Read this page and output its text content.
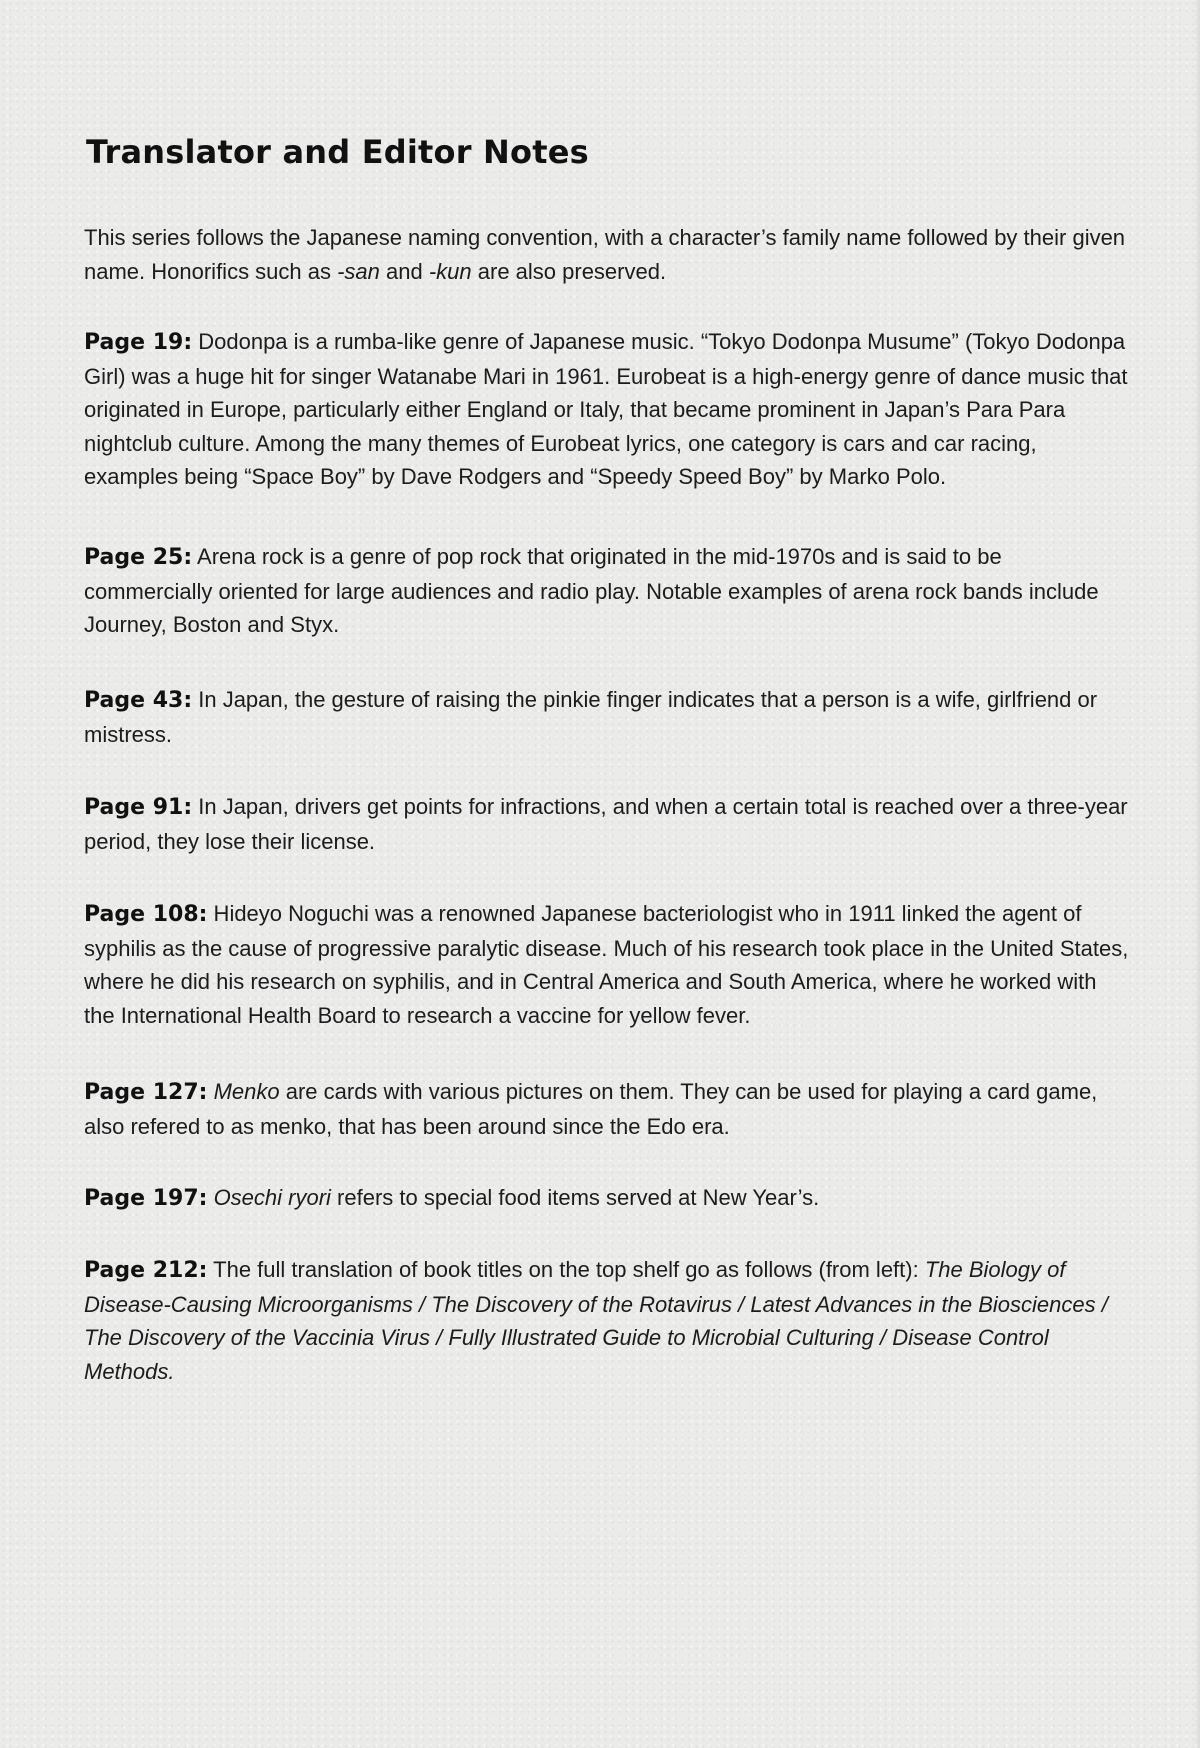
Translator and Editor Notes

This series follows the Japanese naming convention, with a character’s family name followed by their given name. Honorifics such as -san and -kun are also preserved.

Page 19: Dodonpa is a rumba-like genre of Japanese music. “Tokyo Dodonpa Musume” (Tokyo Dodonpa Girl) was a huge hit for singer Watanabe Mari in 1961. Eurobeat is a high-energy genre of dance music that originated in Europe, particularly either England or Italy, that became prominent in Japan’s Para Para nightclub culture. Among the many themes of Eurobeat lyrics, one category is cars and car racing, examples being “Space Boy” by Dave Rodgers and “Speedy Speed Boy” by Marko Polo.

Page 25: Arena rock is a genre of pop rock that originated in the mid-1970s and is said to be commercially oriented for large audiences and radio play. Notable examples of arena rock bands include Journey, Boston and Styx.

Page 43: In Japan, the gesture of raising the pinkie finger indicates that a person is a wife, girlfriend or mistress.

Page 91: In Japan, drivers get points for infractions, and when a certain total is reached over a three-year period, they lose their license.

Page 108: Hideyo Noguchi was a renowned Japanese bacteriologist who in 1911 linked the agent of syphilis as the cause of progressive paralytic disease. Much of his research took place in the United States, where he did his research on syphilis, and in Central America and South America, where he worked with the International Health Board to research a vaccine for yellow fever.

Page 127: Menko are cards with various pictures on them. They can be used for playing a card game, also refered to as menko, that has been around since the Edo era.

Page 197: Osechi ryori refers to special food items served at New Year’s.

Page 212: The full translation of book titles on the top shelf go as follows (from left): The Biology of Disease-Causing Microorganisms / The Discovery of the Rotavirus / Latest Advances in the Biosciences / The Discovery of the Vaccinia Virus / Fully Illustrated Guide to Microbial Culturing / Disease Control Methods.
